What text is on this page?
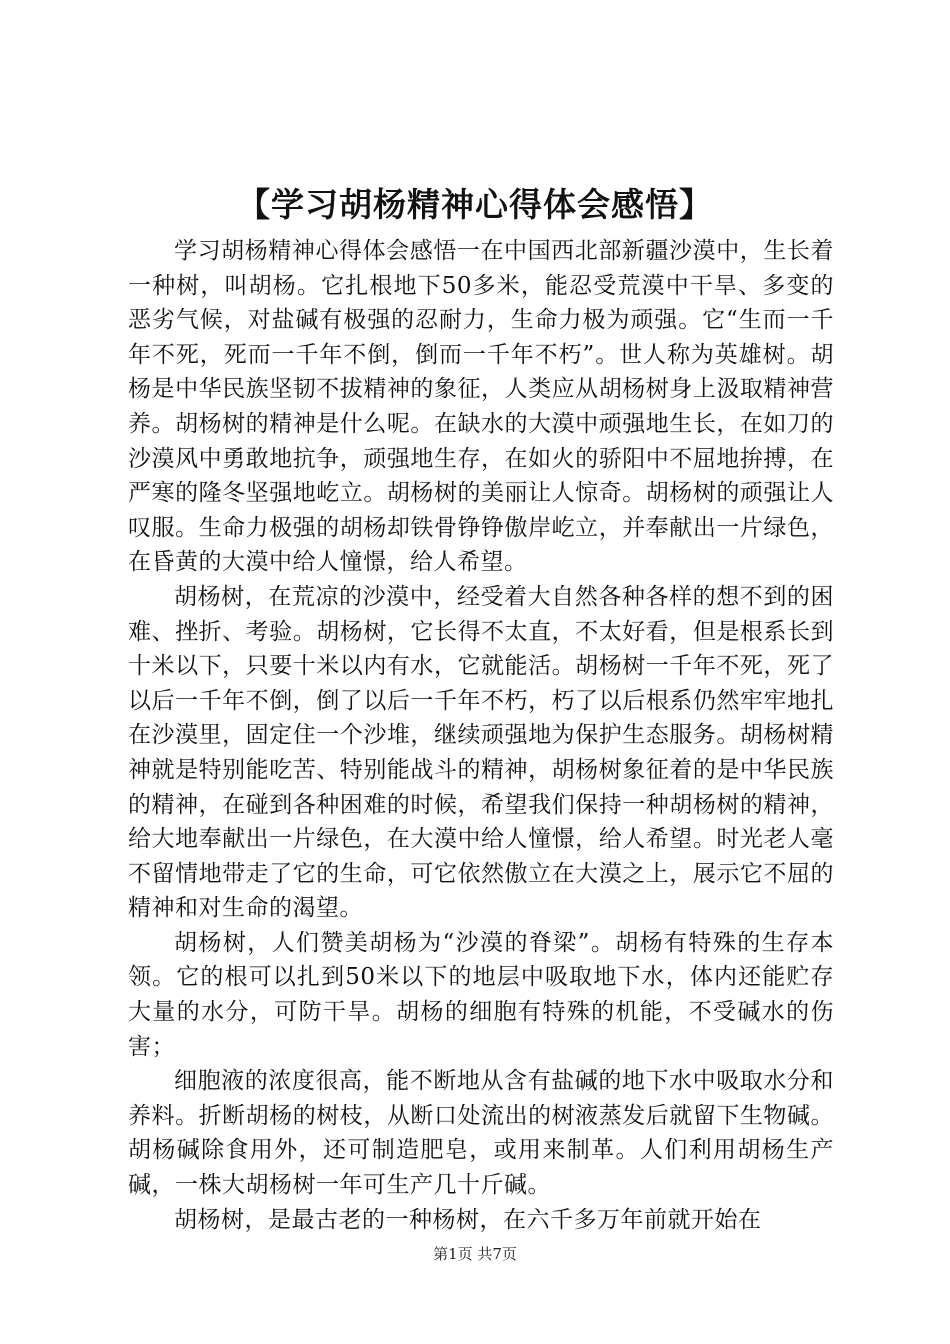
【学习胡杨精神心得体会感悟】

学习胡杨精神心得体会感悟一在中国西北部新疆沙漠中，生长着一种树，叫胡杨。它扎根地下50多米，能忍受荒漠中干旱、多变的恶劣气候，对盐碱有极强的忍耐力，生命力极为顽强。它“生而一千年不死，死而一千年不倒，倒而一千年不朽”。世人称为英雄树。胡杨是中华民族坚韧不拔精神的象征，人类应从胡杨树身上汲取精神营养。胡杨树的精神是什么呢。在缺水的大漠中顽强地生长，在如刀的沙漠风中勇敢地抗争，顽强地生存，在如火的骄阳中不屈地拚搏，在严寒的隆冬坚强地屹立。胡杨树的美丽让人惊奇。胡杨树的顽强让人叹服。生命力极强的胡杨却铁骨铮铮傲岸屹立，并奉献出一片绿色，在昏黄的大漠中给人憧憬，给人希望。

胡杨树，在荒凉的沙漠中，经受着大自然各种各样的想不到的困难、挫折、考验。胡杨树，它长得不太直，不太好看，但是根系长到十米以下，只要十米以内有水，它就能活。胡杨树一千年不死，死了以后一千年不倒，倒了以后一千年不朽，朽了以后根系仍然牢牢地扎在沙漠里，固定住一个沙堆，继续顽强地为保护生态服务。胡杨树精神就是特别能吃苦、特别能战斗的精神，胡杨树象征着的是中华民族的精神，在碰到各种困难的时候，希望我们保持一种胡杨树的精神，给大地奉献出一片绿色，在大漠中给人憧憬，给人希望。时光老人毫不留情地带走了它的生命，可它依然傲立在大漠之上，展示它不屈的精神和对生命的渴望。

胡杨树，人们赞美胡杨为“沙漠的脊梁”。胡杨有特殊的生存本领。它的根可以扎到50米以下的地层中吸取地下水，体内还能贮存大量的水分，可防干旱。胡杨的细胞有特殊的机能，不受碱水的伤害；

细胞液的浓度很高，能不断地从含有盐碱的地下水中吸取水分和养料。折断胡杨的树枝，从断口处流出的树液蒸发后就留下生物碱。胡杨碱除食用外，还可制造肥皂，或用来制革。人们利用胡杨生产碱，一株大胡杨树一年可生产几十斤碱。

胡杨树，是最古老的一种杨树，在六千多万年前就开始在

第1页 共7页
